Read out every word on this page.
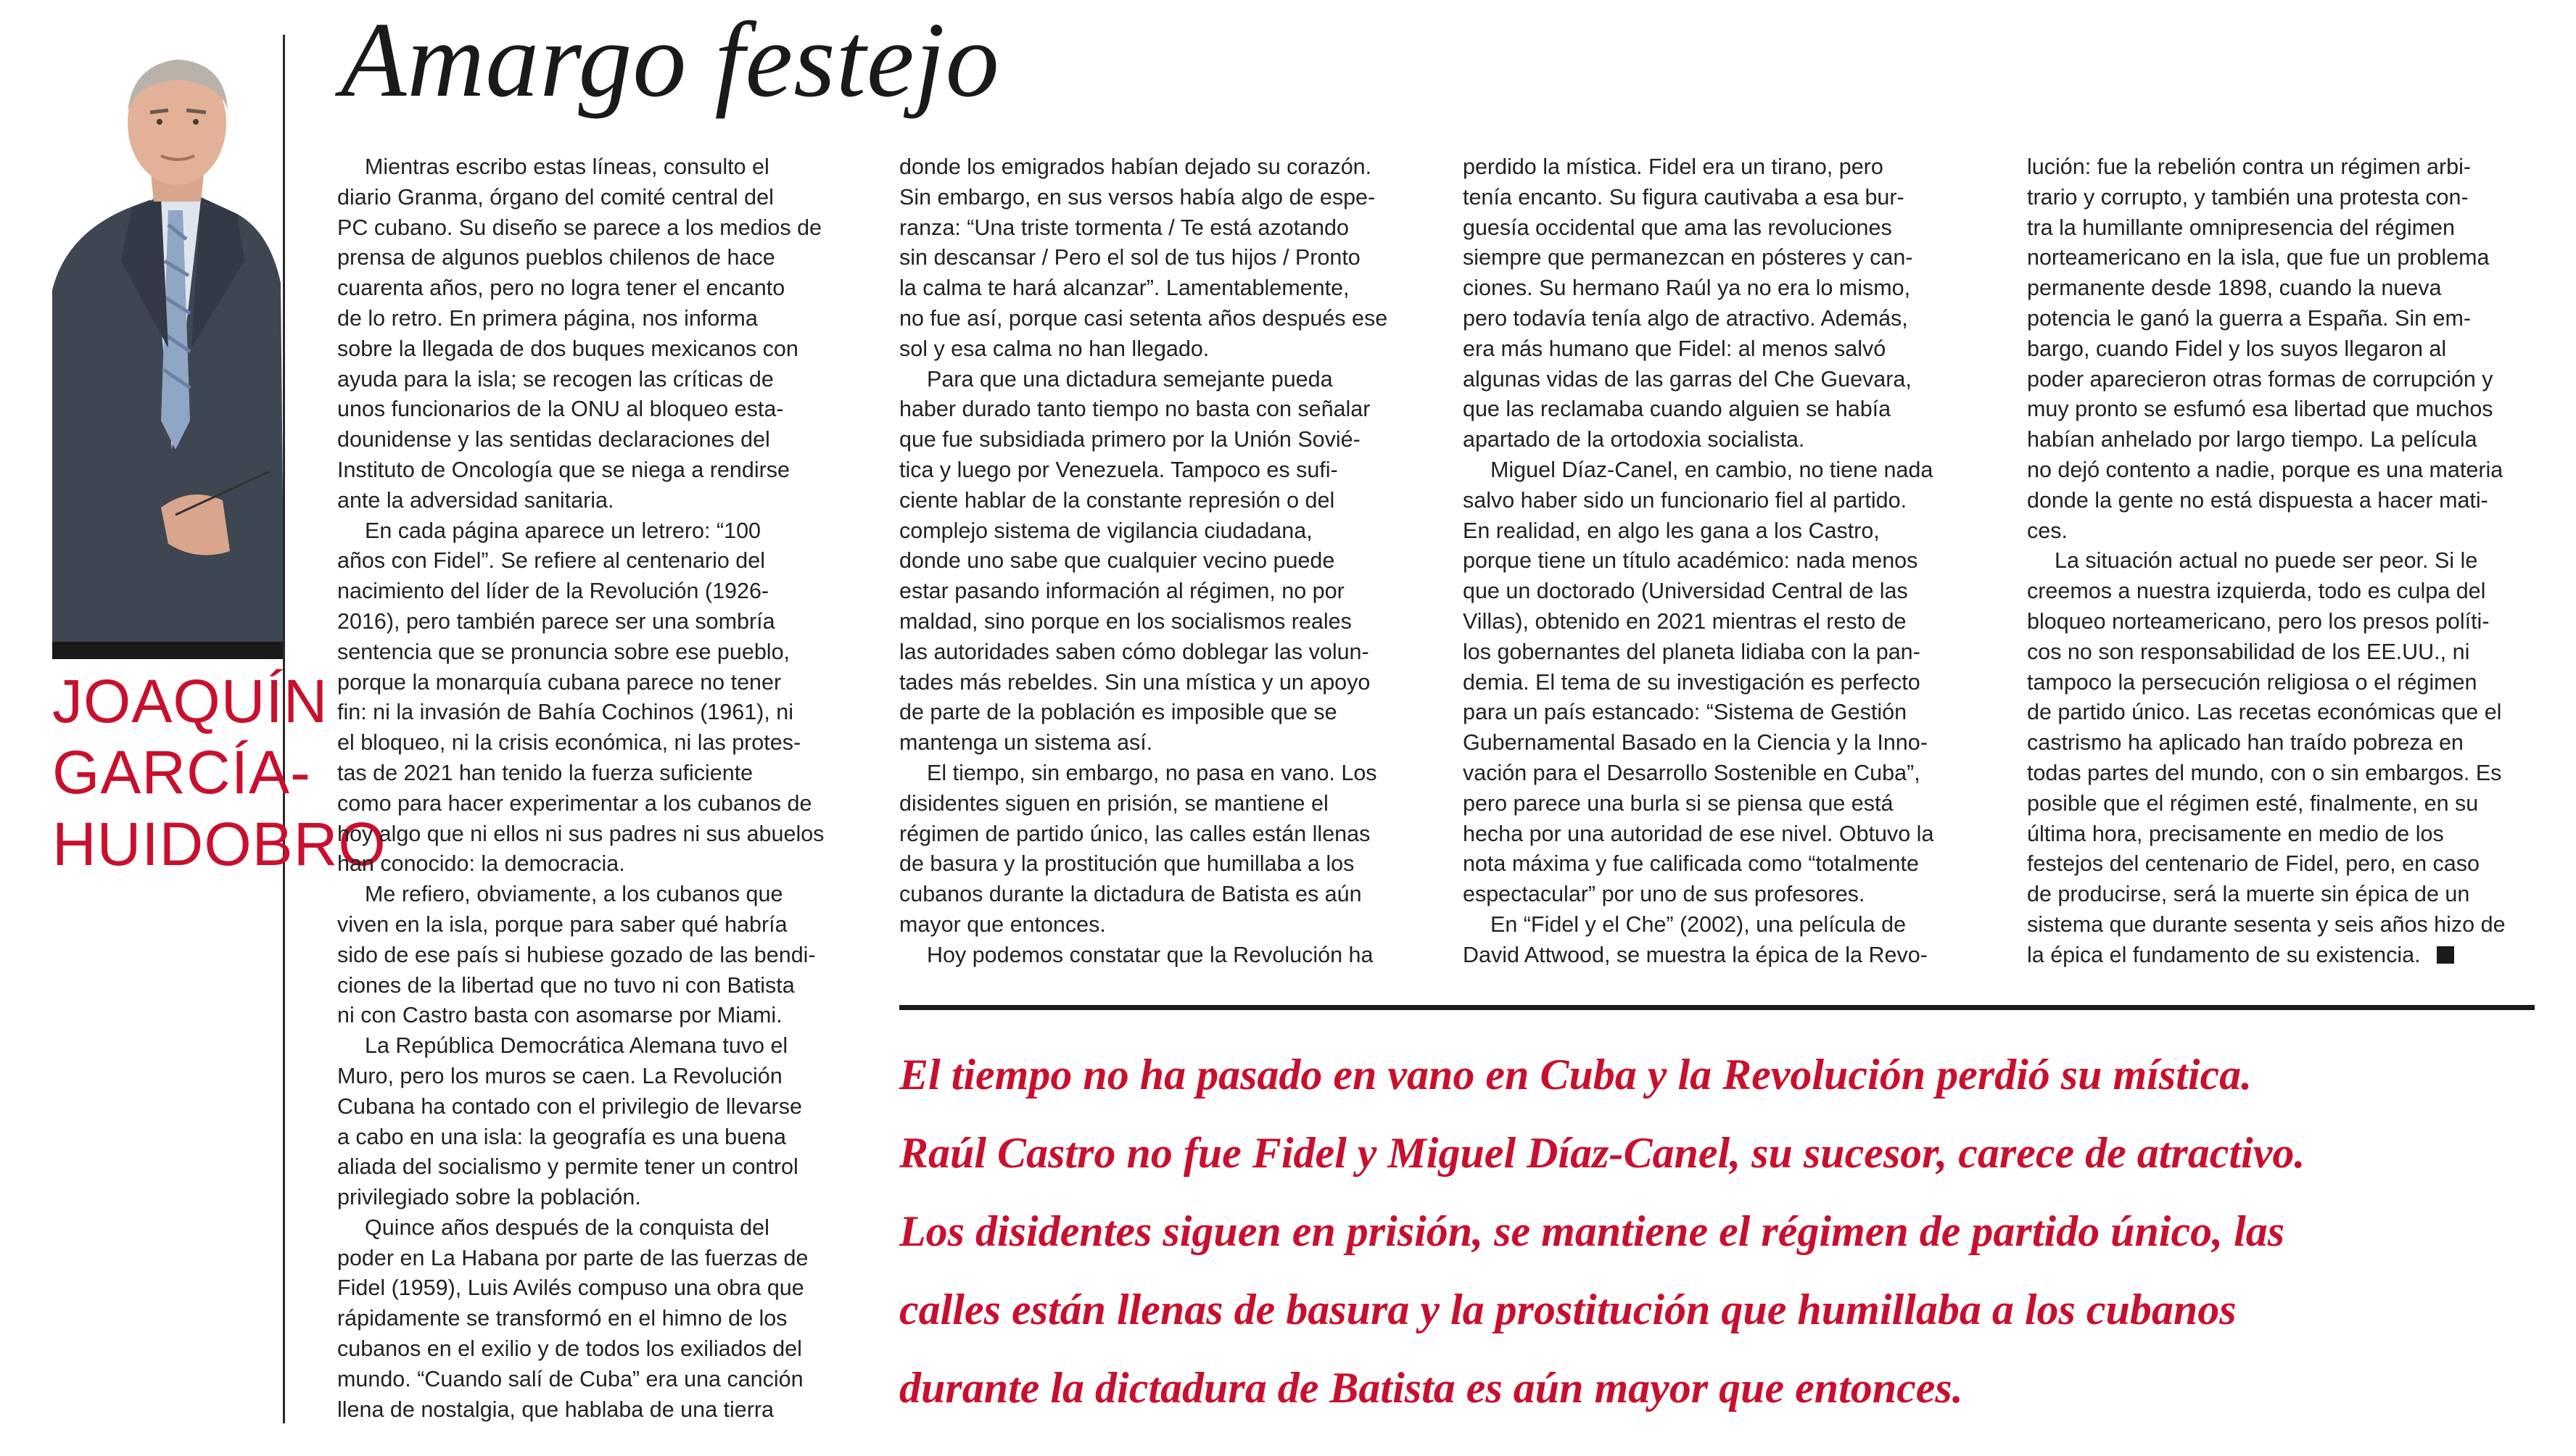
Amargo festejo
JOAQUÍN
GARCÍA-
HUIDOBRO

Mientras escribo estas líneas, consulto el

diario Granma, órgano del comité central del

PC cubano. Su diseño se parece a los medios de

prensa de algunos pueblos chilenos de hace

cuarenta años, pero no logra tener el encanto

de lo retro. En primera página, nos informa

sobre la llegada de dos buques mexicanos con

ayuda para la isla; se recogen las críticas de

unos funcionarios de la ONU al bloqueo esta-

dounidense y las sentidas declaraciones del

Instituto de Oncología que se niega a rendirse

ante la adversidad sanitaria.

En cada página aparece un letrero: “100

años con Fidel”. Se refiere al centenario del

nacimiento del líder de la Revolución (1926-

2016), pero también parece ser una sombría

sentencia que se pronuncia sobre ese pueblo,

porque la monarquía cubana parece no tener

fin: ni la invasión de Bahía Cochinos (1961), ni

el bloqueo, ni la crisis económica, ni las protes-

tas de 2021 han tenido la fuerza suficiente

como para hacer experimentar a los cubanos de

hoy algo que ni ellos ni sus padres ni sus abuelos

han conocido: la democracia.

Me refiero, obviamente, a los cubanos que

viven en la isla, porque para saber qué habría

sido de ese país si hubiese gozado de las bendi-

ciones de la libertad que no tuvo ni con Batista

ni con Castro basta con asomarse por Miami.

La República Democrática Alemana tuvo el

Muro, pero los muros se caen. La Revolución

Cubana ha contado con el privilegio de llevarse

a cabo en una isla: la geografía es una buena

aliada del socialismo y permite tener un control

privilegiado sobre la población.

Quince años después de la conquista del

poder en La Habana por parte de las fuerzas de

Fidel (1959), Luis Avilés compuso una obra que

rápidamente se transformó en el himno de los

cubanos en el exilio y de todos los exiliados del

mundo. “Cuando salí de Cuba” era una canción

llena de nostalgia, que hablaba de una tierra

donde los emigrados habían dejado su corazón.

Sin embargo, en sus versos había algo de espe-

ranza: “Una triste tormenta / Te está azotando

sin descansar / Pero el sol de tus hijos / Pronto

la calma te hará alcanzar”. Lamentablemente,

no fue así, porque casi setenta años después ese

sol y esa calma no han llegado.

Para que una dictadura semejante pueda

haber durado tanto tiempo no basta con señalar

que fue subsidiada primero por la Unión Sovié-

tica y luego por Venezuela. Tampoco es sufi-

ciente hablar de la constante represión o del

complejo sistema de vigilancia ciudadana,

donde uno sabe que cualquier vecino puede

estar pasando información al régimen, no por

maldad, sino porque en los socialismos reales

las autoridades saben cómo doblegar las volun-

tades más rebeldes. Sin una mística y un apoyo

de parte de la población es imposible que se

mantenga un sistema así.

El tiempo, sin embargo, no pasa en vano. Los

disidentes siguen en prisión, se mantiene el

régimen de partido único, las calles están llenas

de basura y la prostitución que humillaba a los

cubanos durante la dictadura de Batista es aún

mayor que entonces.

Hoy podemos constatar que la Revolución ha

perdido la mística. Fidel era un tirano, pero

tenía encanto. Su figura cautivaba a esa bur-

guesía occidental que ama las revoluciones

siempre que permanezcan en pósteres y can-

ciones. Su hermano Raúl ya no era lo mismo,

pero todavía tenía algo de atractivo. Además,

era más humano que Fidel: al menos salvó

algunas vidas de las garras del Che Guevara,

que las reclamaba cuando alguien se había

apartado de la ortodoxia socialista.

Miguel Díaz-Canel, en cambio, no tiene nada

salvo haber sido un funcionario fiel al partido.

En realidad, en algo les gana a los Castro,

porque tiene un título académico: nada menos

que un doctorado (Universidad Central de las

Villas), obtenido en 2021 mientras el resto de

los gobernantes del planeta lidiaba con la pan-

demia. El tema de su investigación es perfecto

para un país estancado: “Sistema de Gestión

Gubernamental Basado en la Ciencia y la Inno-

vación para el Desarrollo Sostenible en Cuba”,

pero parece una burla si se piensa que está

hecha por una autoridad de ese nivel. Obtuvo la

nota máxima y fue calificada como “totalmente

espectacular” por uno de sus profesores.

En “Fidel y el Che” (2002), una película de

David Attwood, se muestra la épica de la Revo-

lución: fue la rebelión contra un régimen arbi-

trario y corrupto, y también una protesta con-

tra la humillante omnipresencia del régimen

norteamericano en la isla, que fue un problema

permanente desde 1898, cuando la nueva

potencia le ganó la guerra a España. Sin em-

bargo, cuando Fidel y los suyos llegaron al

poder aparecieron otras formas de corrupción y

muy pronto se esfumó esa libertad que muchos

habían anhelado por largo tiempo. La película

no dejó contento a nadie, porque es una materia

donde la gente no está dispuesta a hacer mati-

ces.

La situación actual no puede ser peor. Si le

creemos a nuestra izquierda, todo es culpa del

bloqueo norteamericano, pero los presos políti-

cos no son responsabilidad de los EE.UU., ni

tampoco la persecución religiosa o el régimen

de partido único. Las recetas económicas que el

castrismo ha aplicado han traído pobreza en

todas partes del mundo, con o sin embargos. Es

posible que el régimen esté, finalmente, en su

última hora, precisamente en medio de los

festejos del centenario de Fidel, pero, en caso

de producirse, será la muerte sin épica de un

sistema que durante sesenta y seis años hizo de

la épica el fundamento de su existencia.

El tiempo no ha pasado en vano en Cuba y la Revolución perdió su mística.

Raúl Castro no fue Fidel y Miguel Díaz-Canel, su sucesor, carece de atractivo.

Los disidentes siguen en prisión, se mantiene el régimen de partido único, las

calles están llenas de basura y la prostitución que humillaba a los cubanos

durante la dictadura de Batista es aún mayor que entonces.
